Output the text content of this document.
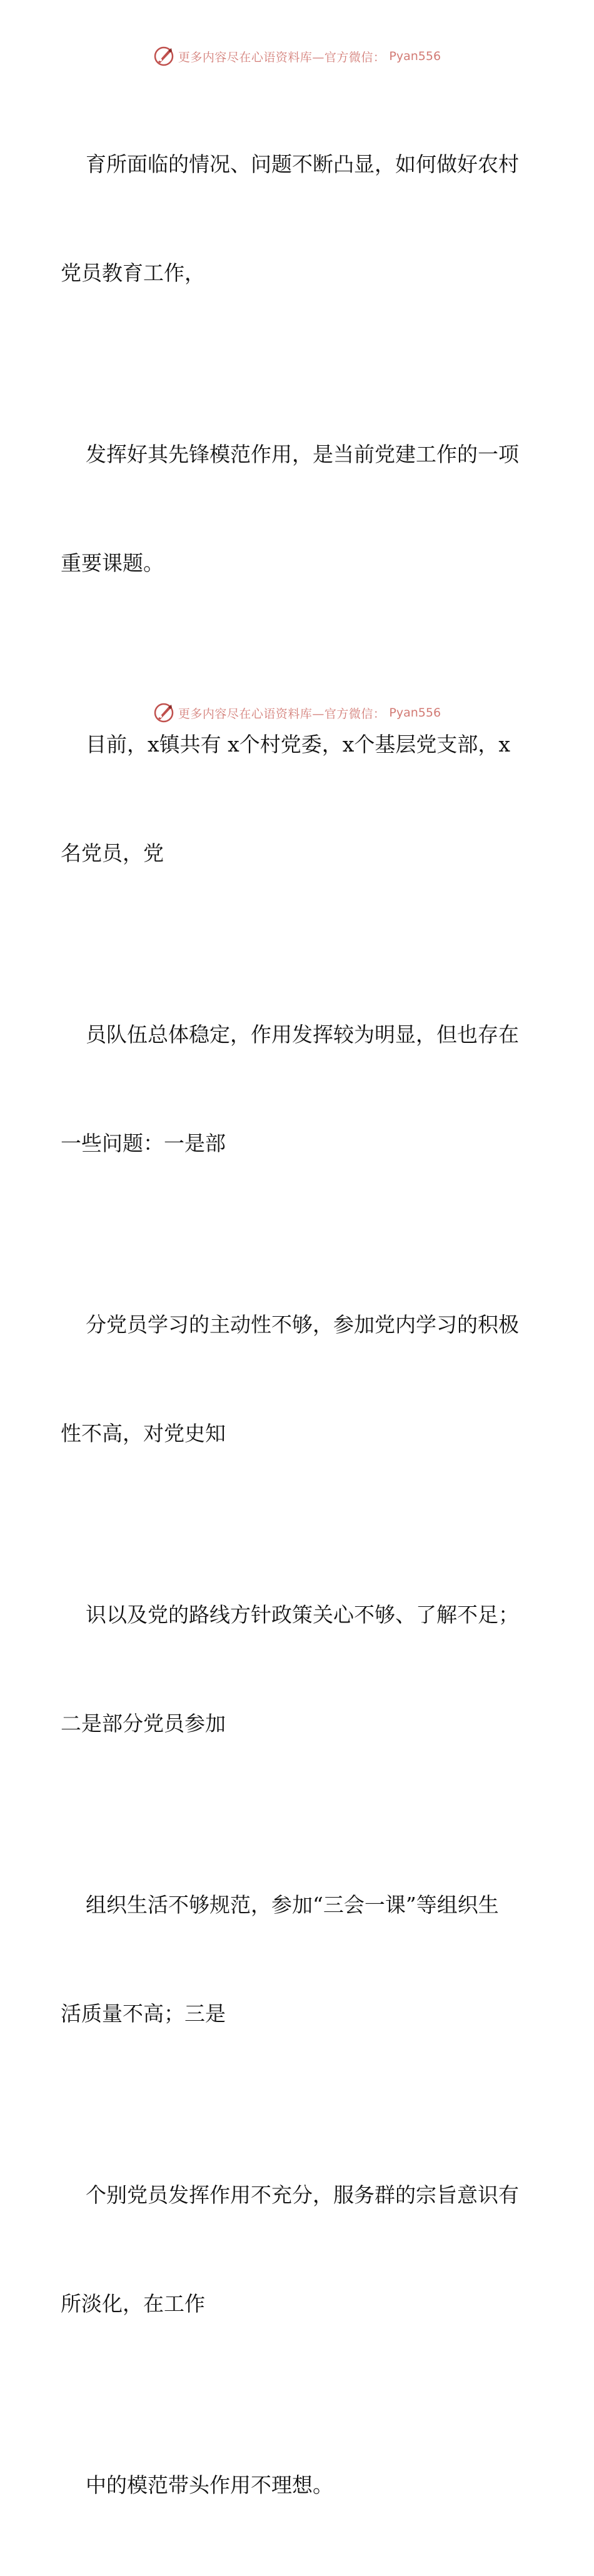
更多内容尽在心语资料库—官方微信： Pyan556

育所面临的情况、问题不断凸显，如何做好农村

党员教育工作，

发挥好其先锋模范作用，是当前党建工作的一项

重要课题。

目前，x镇共有 x个村党委，x个基层党支部，x

名党员，党

员队伍总体稳定，作用发挥较为明显，但也存在

一些问题：一是部

分党员学习的主动性不够，参加党内学习的积极

性不高，对党史知

识以及党的路线方针政策关心不够、了解不足；

二是部分党员参加

组织生活不够规范，参加“三会一课”等组织生

活质量不高；三是

个别党员发挥作用不充分，服务群的宗旨意识有

所淡化，在工作

中的模范带头作用不理想。

更多内容尽在心语资料库—官方微信： Pyan556
